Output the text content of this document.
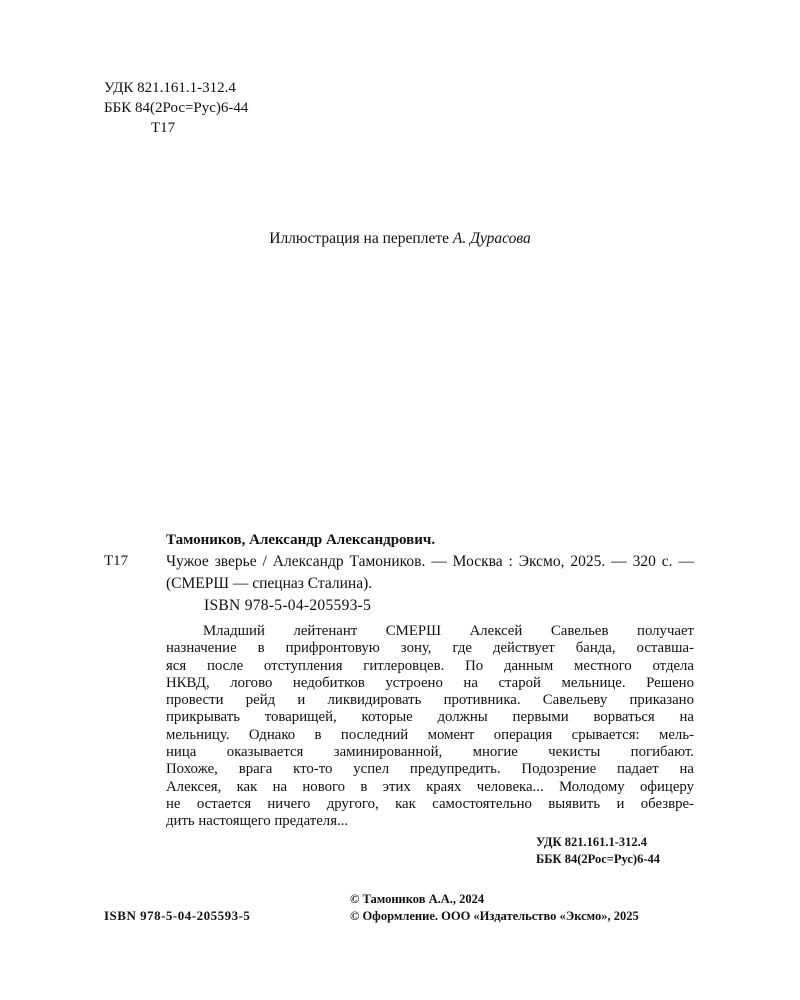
УДК 821.161.1-312.4
ББК 84(2Рос=Рус)6-44
Т17
Иллюстрация на переплете А. Дурасова
Тамоников, Александр Александрович.
Т17 Чужое зверье / Александр Тамоников. — Москва : Эксмо, 2025. — 320 с. — (СМЕРШ — спецназ Сталина).
ISBN 978-5-04-205593-5
Младший лейтенант СМЕРШ Алексей Савельев получает
назначение в прифронтовую зону, где действует банда, оставша-
яся после отступления гитлеровцев. По данным местного отдела
НКВД, логово недобитков устроено на старой мельнице. Решено
провести рейд и ликвидировать противника. Савельеву приказано
прикрывать товарищей, которые должны первыми ворваться на
мельницу. Однако в последний момент операция срывается: мель-
ница оказывается заминированной, многие чекисты погибают.
Похоже, врага кто-то успел предупредить. Подозрение падает на
Алексея, как на нового в этих краях человека... Молодому офицеру
не остается ничего другого, как самостоятельно выявить и обезвре-
дить настоящего предателя...
УДК 821.161.1-312.4
ББК 84(2Рос=Рус)6-44
© Тамоников А.А., 2024
© Оформление. ООО «Издательство «Эксмо», 2025
ISBN 978-5-04-205593-5
